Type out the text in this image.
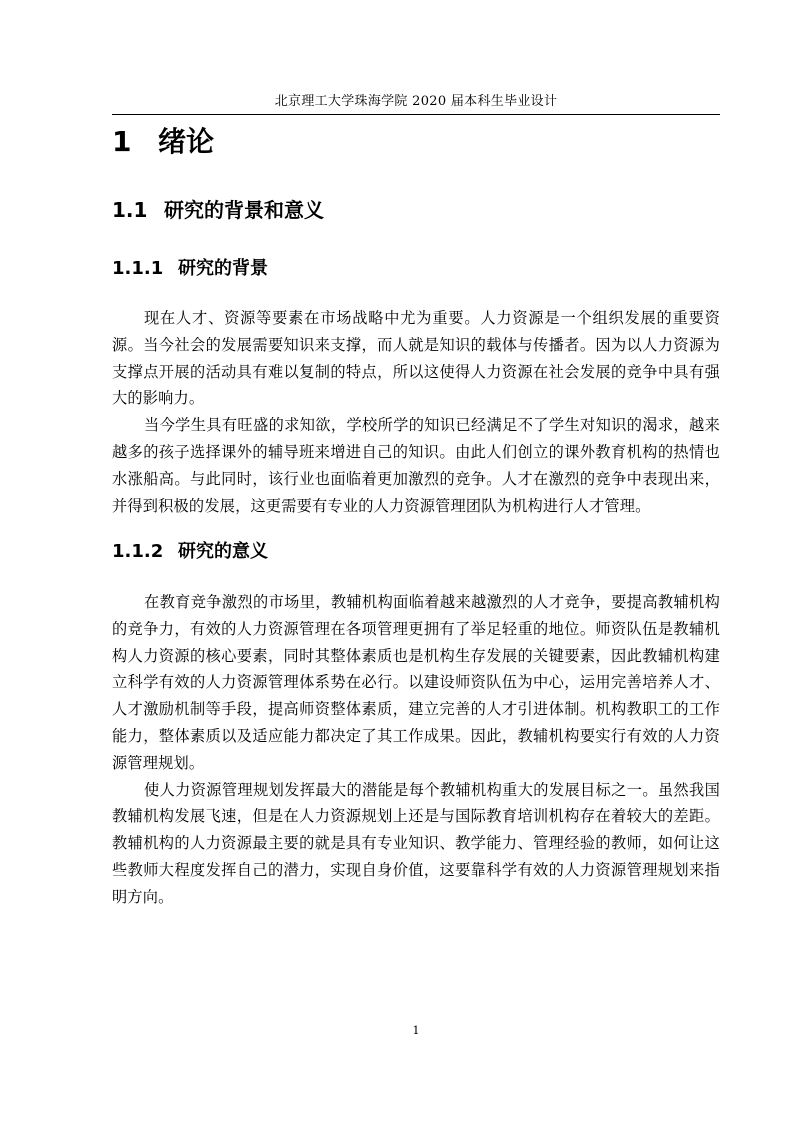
北京理工大学珠海学院 2020 届本科生毕业设计
1 绪论
1.1 研究的背景和意义
1.1.1 研究的背景

现在人才、资源等要素在市场战略中尤为重要。人力资源是一个组织发展的重要资源。当今社会的发展需要知识来支撑，而人就是知识的载体与传播者。因为以人力资源为支撑点开展的活动具有难以复制的特点，所以这使得人力资源在社会发展的竞争中具有强大的影响力。

当今学生具有旺盛的求知欲，学校所学的知识已经满足不了学生对知识的渴求，越来越多的孩子选择课外的辅导班来增进自己的知识。由此人们创立的课外教育机构的热情也水涨船高。与此同时，该行业也面临着更加激烈的竞争。人才在激烈的竞争中表现出来，并得到积极的发展，这更需要有专业的人力资源管理团队为机构进行人才管理。

1.1.2 研究的意义

在教育竞争激烈的市场里，教辅机构面临着越来越激烈的人才竞争，要提高教辅机构的竞争力，有效的人力资源管理在各项管理更拥有了举足轻重的地位。师资队伍是教辅机构人力资源的核心要素，同时其整体素质也是机构生存发展的关键要素，因此教辅机构建立科学有效的人力资源管理体系势在必行。以建设师资队伍为中心，运用完善培养人才、人才激励机制等手段，提高师资整体素质，建立完善的人才引进体制。机构教职工的工作能力，整体素质以及适应能力都决定了其工作成果。因此，教辅机构要实行有效的人力资源管理规划。

使人力资源管理规划发挥最大的潜能是每个教辅机构重大的发展目标之一。虽然我国教辅机构发展飞速，但是在人力资源规划上还是与国际教育培训机构存在着较大的差距。教辅机构的人力资源最主要的就是具有专业知识、教学能力、管理经验的教师，如何让这些教师大程度发挥自己的潜力，实现自身价值，这要靠科学有效的人力资源管理规划来指明方向。

1
